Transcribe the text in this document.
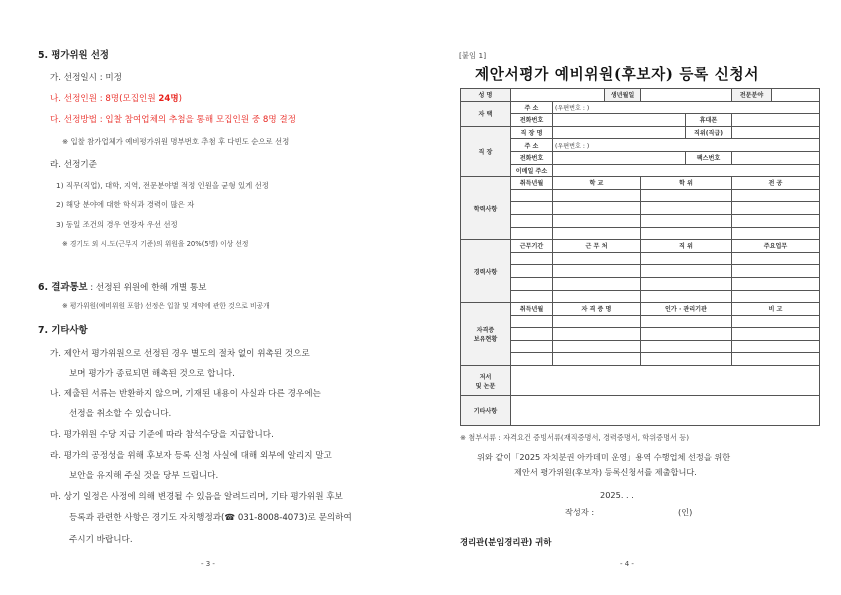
5. 평가위원 선정
가. 선정일시 : 미정
나. 선정인원 : 8명(모집인원 24명)
다. 선정방법 : 입찰 참여업체의 추첨을 통해 모집인원 중 8명 결정
※ 입찰 참가업체가 예비평가위원 명부번호 추첨 후 다빈도 순으로 선정
라. 선정기준
1) 직무(직업), 대학, 지역, 전문분야별 적정 인원을 균형 있게 선정
2) 해당 분야에 대한 학식과 경력이 많은 자
3) 동일 조건의 경우 연장자 우선 선정
※ 경기도 외 시.도(근무지 기준)의 위원을 20%(5명) 이상 선정
6. 결과통보 : 선정된 위원에 한해 개별 통보
※ 평가위원(예비위원 포함) 선정은 입찰 및 계약에 관한 것으로 비공개
7. 기타사항
가. 제안서 평가위원으로 선정된 경우 별도의 절차 없이 위촉된 것으로
보며 평가가 종료되면 해촉된 것으로 합니다.
나. 제출된 서류는 반환하지 않으며, 기재된 내용이 사실과 다른 경우에는
선정을 취소할 수 있습니다.
다. 평가위원 수당 지급 기준에 따라 참석수당을 지급합니다.
라. 평가의 공정성을 위해 후보자 등록 신청 사실에 대해 외부에 알리지 말고
보안을 유지해 주실 것을 당부 드립니다.
마. 상기 일정은 사정에 의해 변경될 수 있음을 알려드리며, 기타 평가위원 후보
등록과 관련한 사항은 경기도 자치행정과(☎ 031-8008-4073)로 문의하여
주시기 바랍니다.
- 3 -
[붙임 1]
제안서평가 예비위원(후보자) 등록 신청서
성 명			생년월일			전문분야	
자 택	주 소	(우편번호 : )					
	전화번호				휴대폰		
직 장	직 장 명				직위(직급)		
	주 소	(우편번호 : )					
	전화번호				팩스번호		
	이메일 주소						
학력사항	취득년월	학 교		학 위		전 공	

경력사항	근무기간	근 무 처		직 위		주요업무	

자격증
보유현황	취득년월	자 격 증 명		인가 · 관리기관		비 고	

저서
및 논문							
기타사항							
※ 첨부서류 : 자격요건 증빙서류(재직증명서, 경력증명서, 학위증명서 등)
위와 같이「2025 자치분권 아카데미 운영」용역 수행업체 선정을 위한
제안서 평가위원(후보자) 등록신청서를 제출합니다.
2025. . .
작성자 :	(인)
경리관(분임경리관) 귀하
- 4 -
